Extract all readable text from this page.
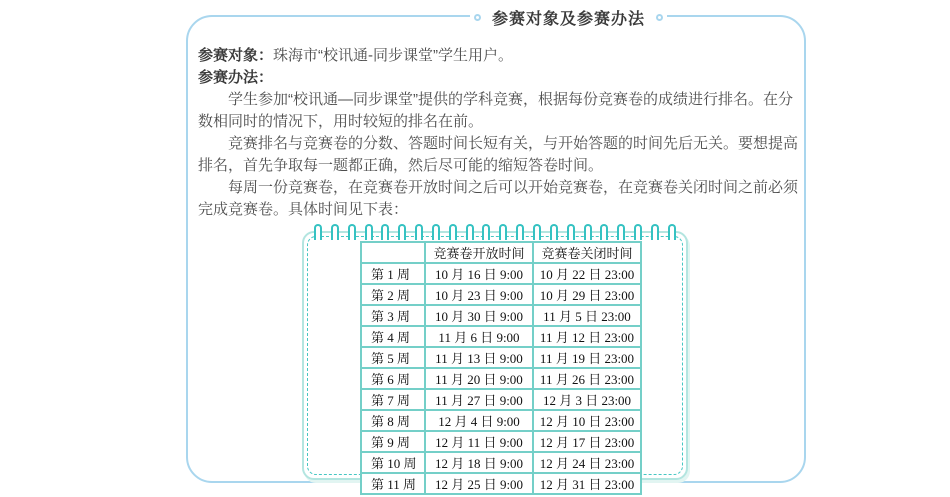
参赛对象及参赛办法

参赛对象：珠海市“校讯通-同步课堂”学生用户。

参赛办法：

学生参加“校讯通—同步课堂”提供的学科竞赛，根据每份竞赛卷的成绩进行排名。在分数相同时的情况下，用时较短的排名在前。

竞赛排名与竞赛卷的分数、答题时间长短有关，与开始答题的时间先后无关。要想提高排名，首先争取每一题都正确，然后尽可能的缩短答卷时间。

每周一份竞赛卷，在竞赛卷开放时间之后可以开始竞赛卷，在竞赛卷关闭时间之前必须完成竞赛卷。具体时间见下表：

	竞赛卷开放时间	竞赛卷关闭时间
第 1 周	10 月 16 日 9:00	10 月 22 日 23:00
第 2 周	10 月 23 日 9:00	10 月 29 日 23:00
第 3 周	10 月 30 日 9:00	11 月 5 日 23:00
第 4 周	11 月 6 日 9:00	11 月 12 日 23:00
第 5 周	11 月 13 日 9:00	11 月 19 日 23:00
第 6 周	11 月 20 日 9:00	11 月 26 日 23:00
第 7 周	11 月 27 日 9:00	12 月 3 日 23:00
第 8 周	12 月 4 日 9:00	12 月 10 日 23:00
第 9 周	12 月 11 日 9:00	12 月 17 日 23:00
第 10 周	12 月 18 日 9:00	12 月 24 日 23:00
第 11 周	12 月 25 日 9:00	12 月 31 日 23:00
